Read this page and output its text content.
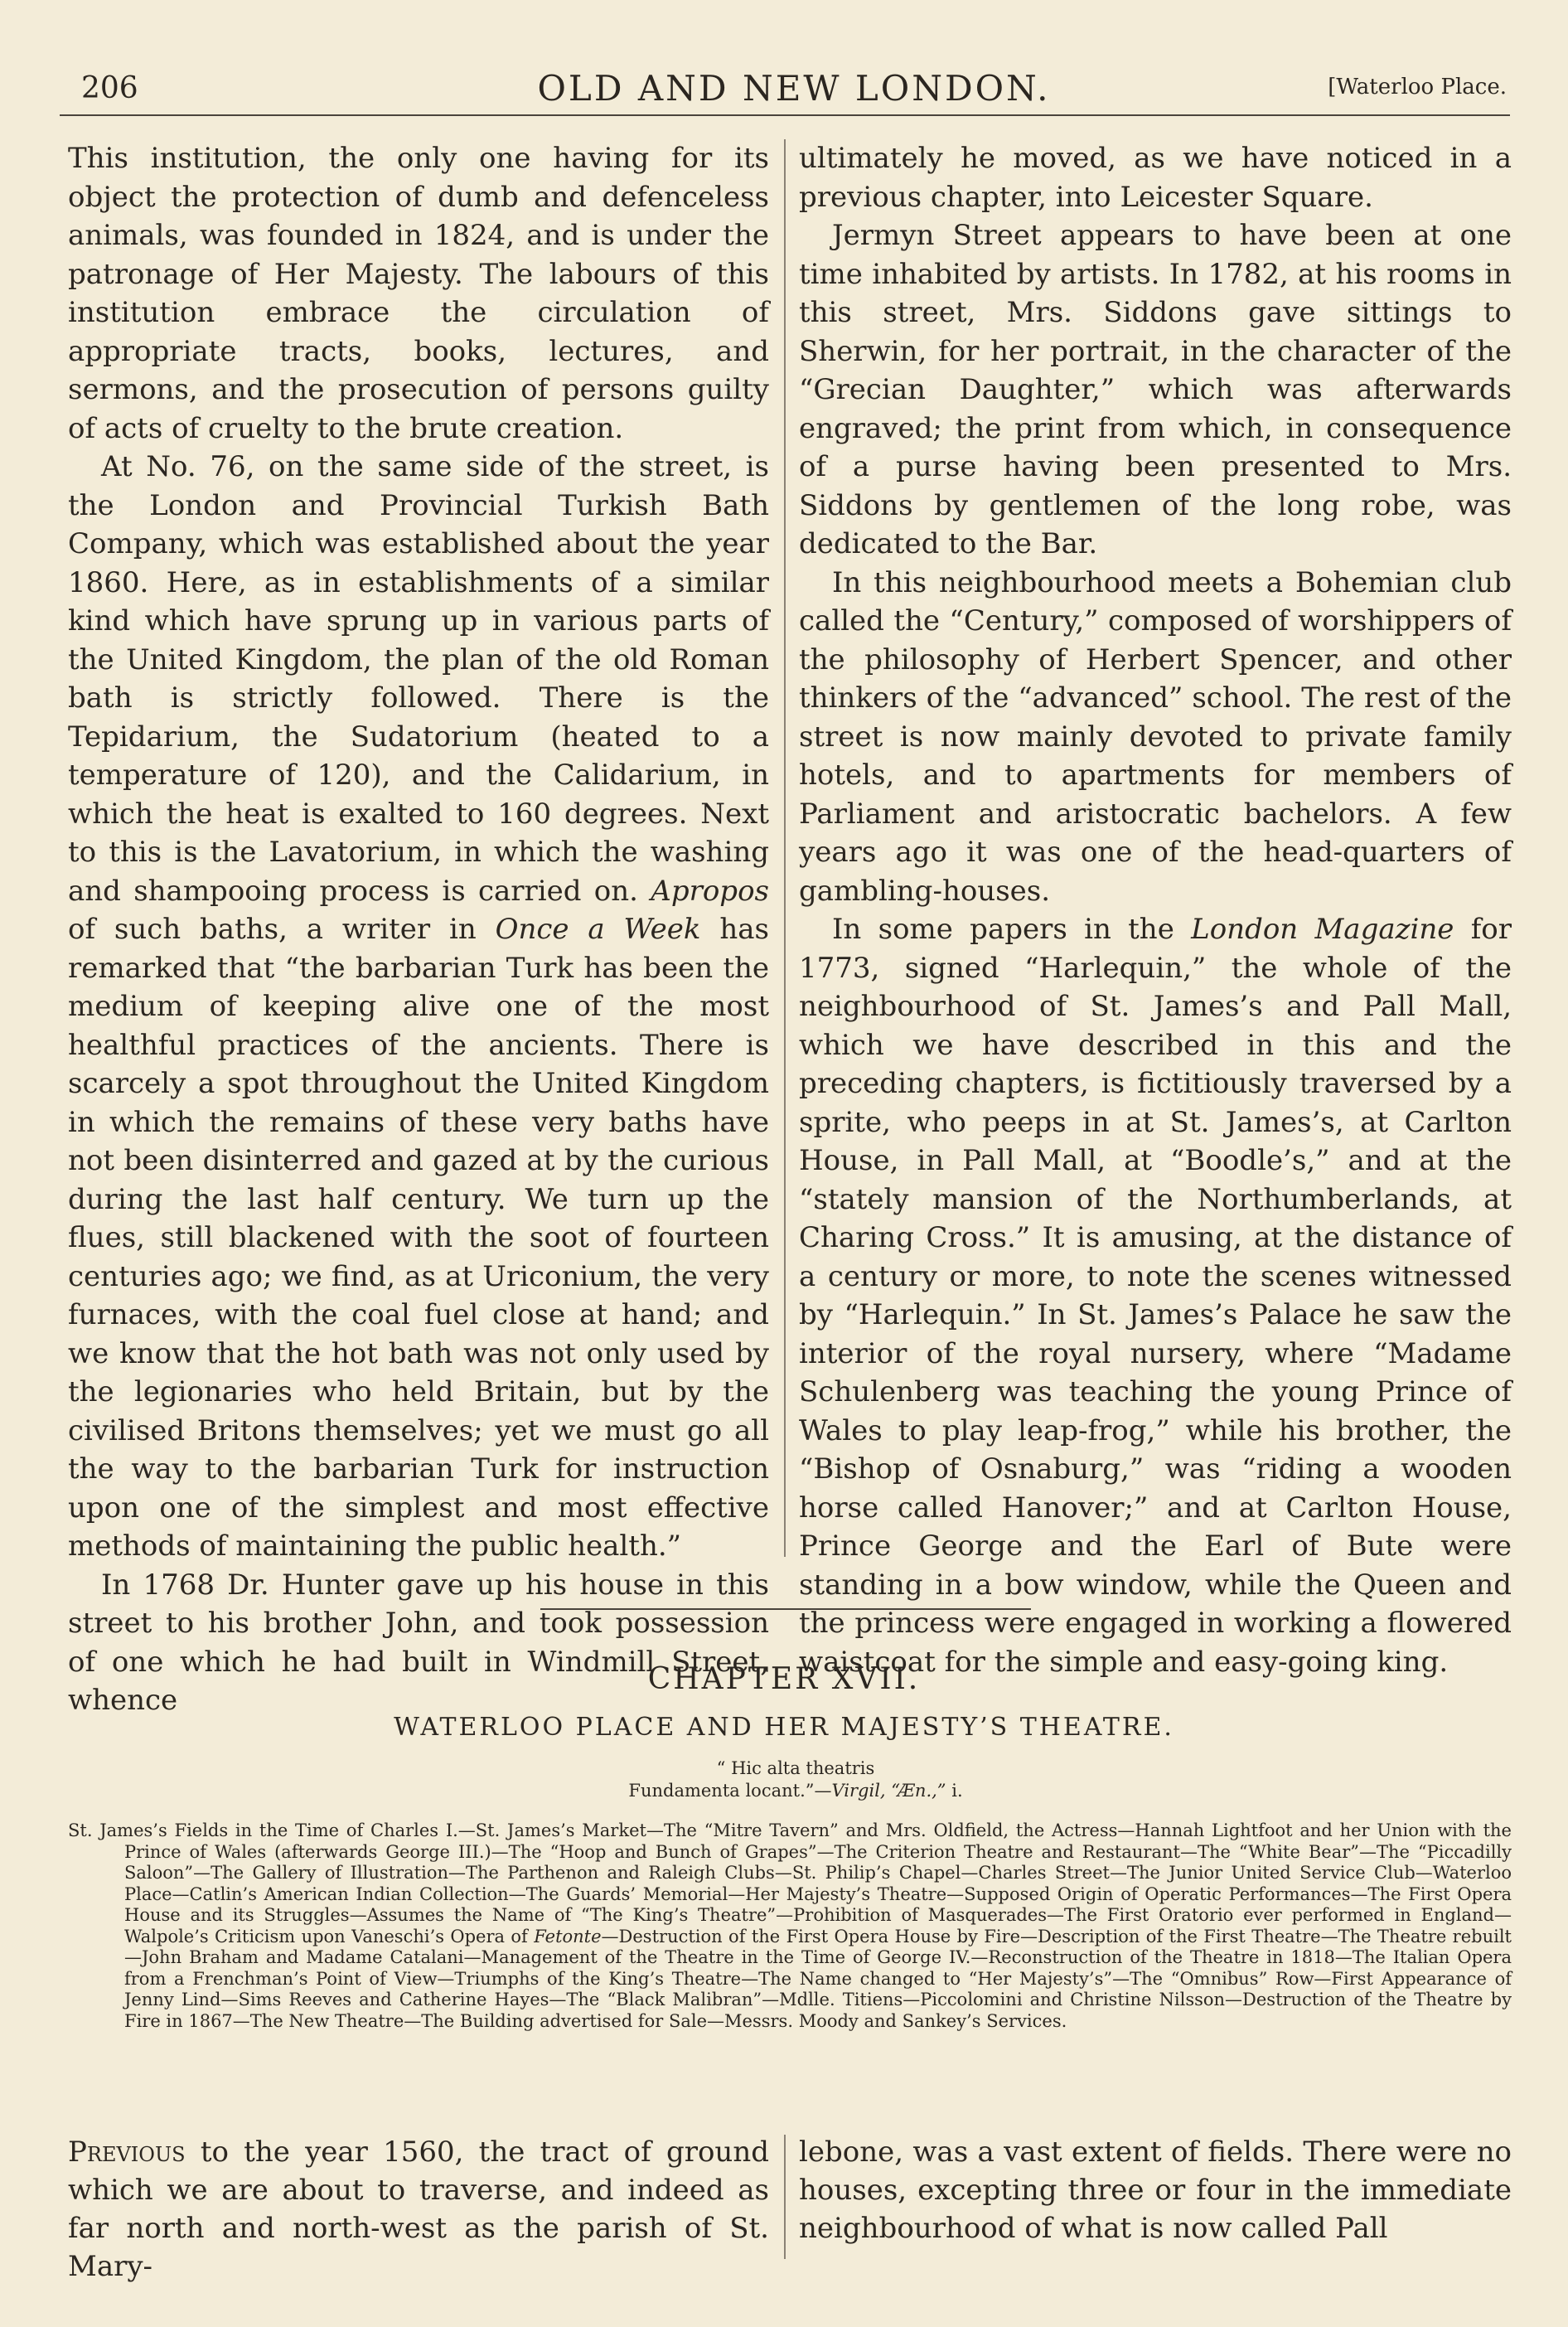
206	OLD AND NEW LONDON.	[Waterloo Place.

This institution, the only one having for its object the protection of dumb and defenceless animals, was founded in 1824, and is under the patronage of Her Majesty. The labours of this institution embrace the circulation of appropriate tracts, books, lectures, and sermons, and the prosecution of persons guilty of acts of cruelty to the brute creation.

At No. 76, on the same side of the street, is the London and Provincial Turkish Bath Company, which was established about the year 1860. Here, as in establishments of a similar kind which have sprung up in various parts of the United Kingdom, the plan of the old Roman bath is strictly followed. There is the Tepidarium, the Sudatorium (heated to a temperature of 120), and the Calidarium, in which the heat is exalted to 160 degrees. Next to this is the Lavatorium, in which the washing and shampooing process is carried on. Apropos of such baths, a writer in Once a Week has remarked that “the barbarian Turk has been the medium of keeping alive one of the most healthful practices of the ancients. There is scarcely a spot throughout the United Kingdom in which the remains of these very baths have not been disinterred and gazed at by the curious during the last half century. We turn up the flues, still blackened with the soot of fourteen centuries ago; we find, as at Uriconium, the very furnaces, with the coal fuel close at hand; and we know that the hot bath was not only used by the legionaries who held Britain, but by the civilised Britons themselves; yet we must go all the way to the barbarian Turk for instruction upon one of the simplest and most effective methods of maintaining the public health.”

In 1768 Dr. Hunter gave up his house in this street to his brother John, and took possession of one which he had built in Windmill Street, whence

ultimately he moved, as we have noticed in a previous chapter, into Leicester Square.

Jermyn Street appears to have been at one time inhabited by artists. In 1782, at his rooms in this street, Mrs. Siddons gave sittings to Sherwin, for her portrait, in the character of the “Grecian Daughter,” which was afterwards engraved; the print from which, in consequence of a purse having been presented to Mrs. Siddons by gentlemen of the long robe, was dedicated to the Bar.

In this neighbourhood meets a Bohemian club called the “Century,” composed of worshippers of the philosophy of Herbert Spencer, and other thinkers of the “advanced” school. The rest of the street is now mainly devoted to private family hotels, and to apartments for members of Parliament and aristocratic bachelors. A few years ago it was one of the head-quarters of gambling-houses.

In some papers in the London Magazine for 1773, signed “Harlequin,” the whole of the neighbourhood of St. James’s and Pall Mall, which we have described in this and the preceding chapters, is fictitiously traversed by a sprite, who peeps in at St. James’s, at Carlton House, in Pall Mall, at “Boodle’s,” and at the “stately mansion of the Northumberlands, at Charing Cross.” It is amusing, at the distance of a century or more, to note the scenes witnessed by “Harlequin.” In St. James’s Palace he saw the interior of the royal nursery, where “Madame Schulenberg was teaching the young Prince of Wales to play leap-frog,” while his brother, the “Bishop of Osnaburg,” was “riding a wooden horse called Hanover;” and at Carlton House, Prince George and the Earl of Bute were standing in a bow window, while the Queen and the princess were engaged in working a flowered waistcoat for the simple and easy-going king.

CHAPTER XVII.
WATERLOO PLACE AND HER MAJESTY’S THEATRE.
“ Hic alta theatris
Fundamenta locant.”—Virgil, “Æn.,” i.
St. James’s Fields in the Time of Charles I.—St. James’s Market—The “Mitre Tavern” and Mrs. Oldfield, the Actress—Hannah Lightfoot and her Union with the Prince of Wales (afterwards George III.)—The “Hoop and Bunch of Grapes”—The Criterion Theatre and Restaurant—The “White Bear”—The “Piccadilly Saloon”—The Gallery of Illustration—The Parthenon and Raleigh Clubs—St. Philip’s Chapel—Charles Street—The Junior United Service Club—Waterloo Place—Catlin’s American Indian Collection—The Guards’ Memorial—Her Majesty’s Theatre—Supposed Origin of Operatic Performances—The First Opera House and its Struggles—Assumes the Name of “The King’s Theatre”—Prohibition of Masquerades—The First Oratorio ever performed in England—Walpole’s Criticism upon Vaneschi’s Opera of Fetonte—Destruction of the First Opera House by Fire—Description of the First Theatre—The Theatre rebuilt—John Braham and Madame Catalani—Management of the Theatre in the Time of George IV.—Reconstruction of the Theatre in 1818—The Italian Opera from a Frenchman’s Point of View—Triumphs of the King’s Theatre—The Name changed to “Her Majesty’s”—The “Omnibus” Row—First Appearance of Jenny Lind—Sims Reeves and Catherine Hayes—The “Black Malibran”—Mdlle. Titiens—Piccolomini and Christine Nilsson—Destruction of the Theatre by Fire in 1867—The New Theatre—The Building advertised for Sale—Messrs. Moody and Sankey’s Services.

Previous to the year 1560, the tract of ground which we are about to traverse, and indeed as far north and north-west as the parish of St. Mary-

lebone, was a vast extent of fields. There were no houses, excepting three or four in the immediate neighbourhood of what is now called Pall
